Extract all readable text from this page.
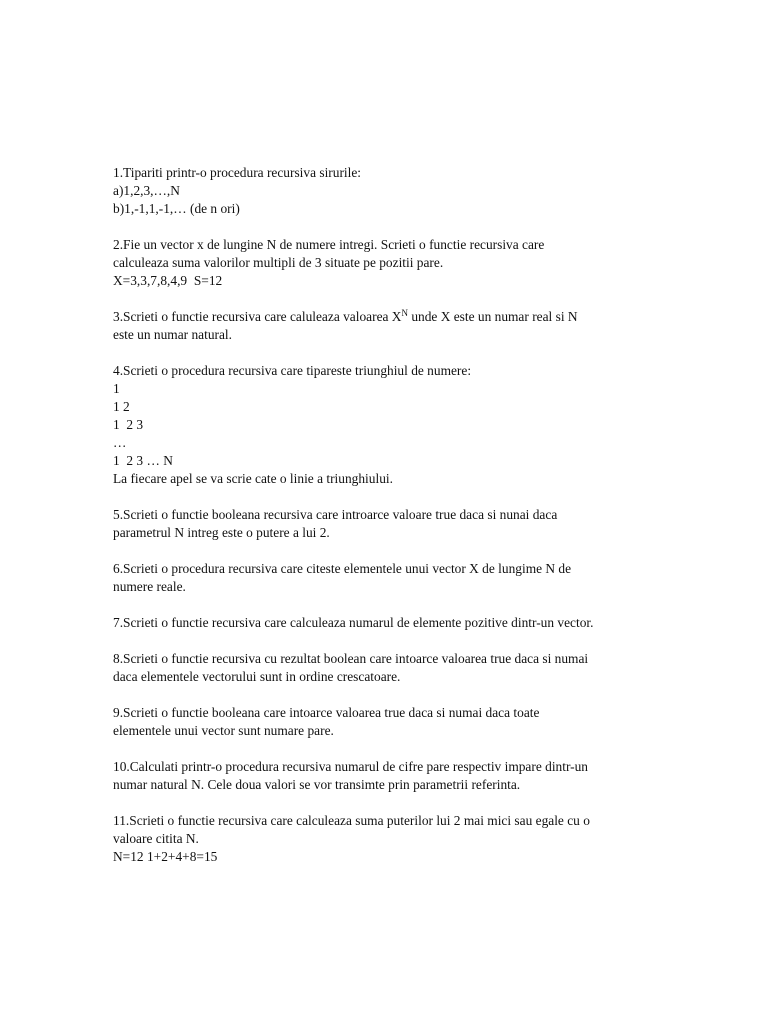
1.Tipariti printr-o procedura recursiva sirurile:
a)1,2,3,…,N
b)1,-1,1,-1,… (de n ori)
2.Fie un vector x de lungine N de numere intregi. Scrieti o functie recursiva care
calculeaza suma valorilor multipli de 3 situate pe pozitii pare.
X=3,3,7,8,4,9  S=12
3.Scrieti o functie recursiva care caluleaza valoarea $X^N$ unde X este un numar real si N
este un numar natural.
4.Scrieti o procedura recursiva care tipareste triunghiul de numere:
1
1 2
1  2 3
…
1  2 3 … N
La fiecare apel se va scrie cate o linie a triunghiului.
5.Scrieti o functie booleana recursiva care introarce valoare true daca si nunai daca
parametrul N intreg este o putere a lui 2.
6.Scrieti o procedura recursiva care citeste elementele unui vector X de lungime N de
numere reale.
7.Scrieti o functie recursiva care calculeaza numarul de elemente pozitive dintr-un vector.
8.Scrieti o functie recursiva cu rezultat boolean care intoarce valoarea true daca si numai
daca elementele vectorului sunt in ordine crescatoare.
9.Scrieti o functie booleana care intoarce valoarea true daca si numai daca toate
elementele unui vector sunt numare pare.
10.Calculati printr-o procedura recursiva numarul de cifre pare respectiv impare dintr-un
numar natural N. Cele doua valori se vor transimte prin parametrii referinta.
11.Scrieti o functie recursiva care calculeaza suma puterilor lui 2 mai mici sau egale cu o
valoare citita N.
N=12 1+2+4+8=15
